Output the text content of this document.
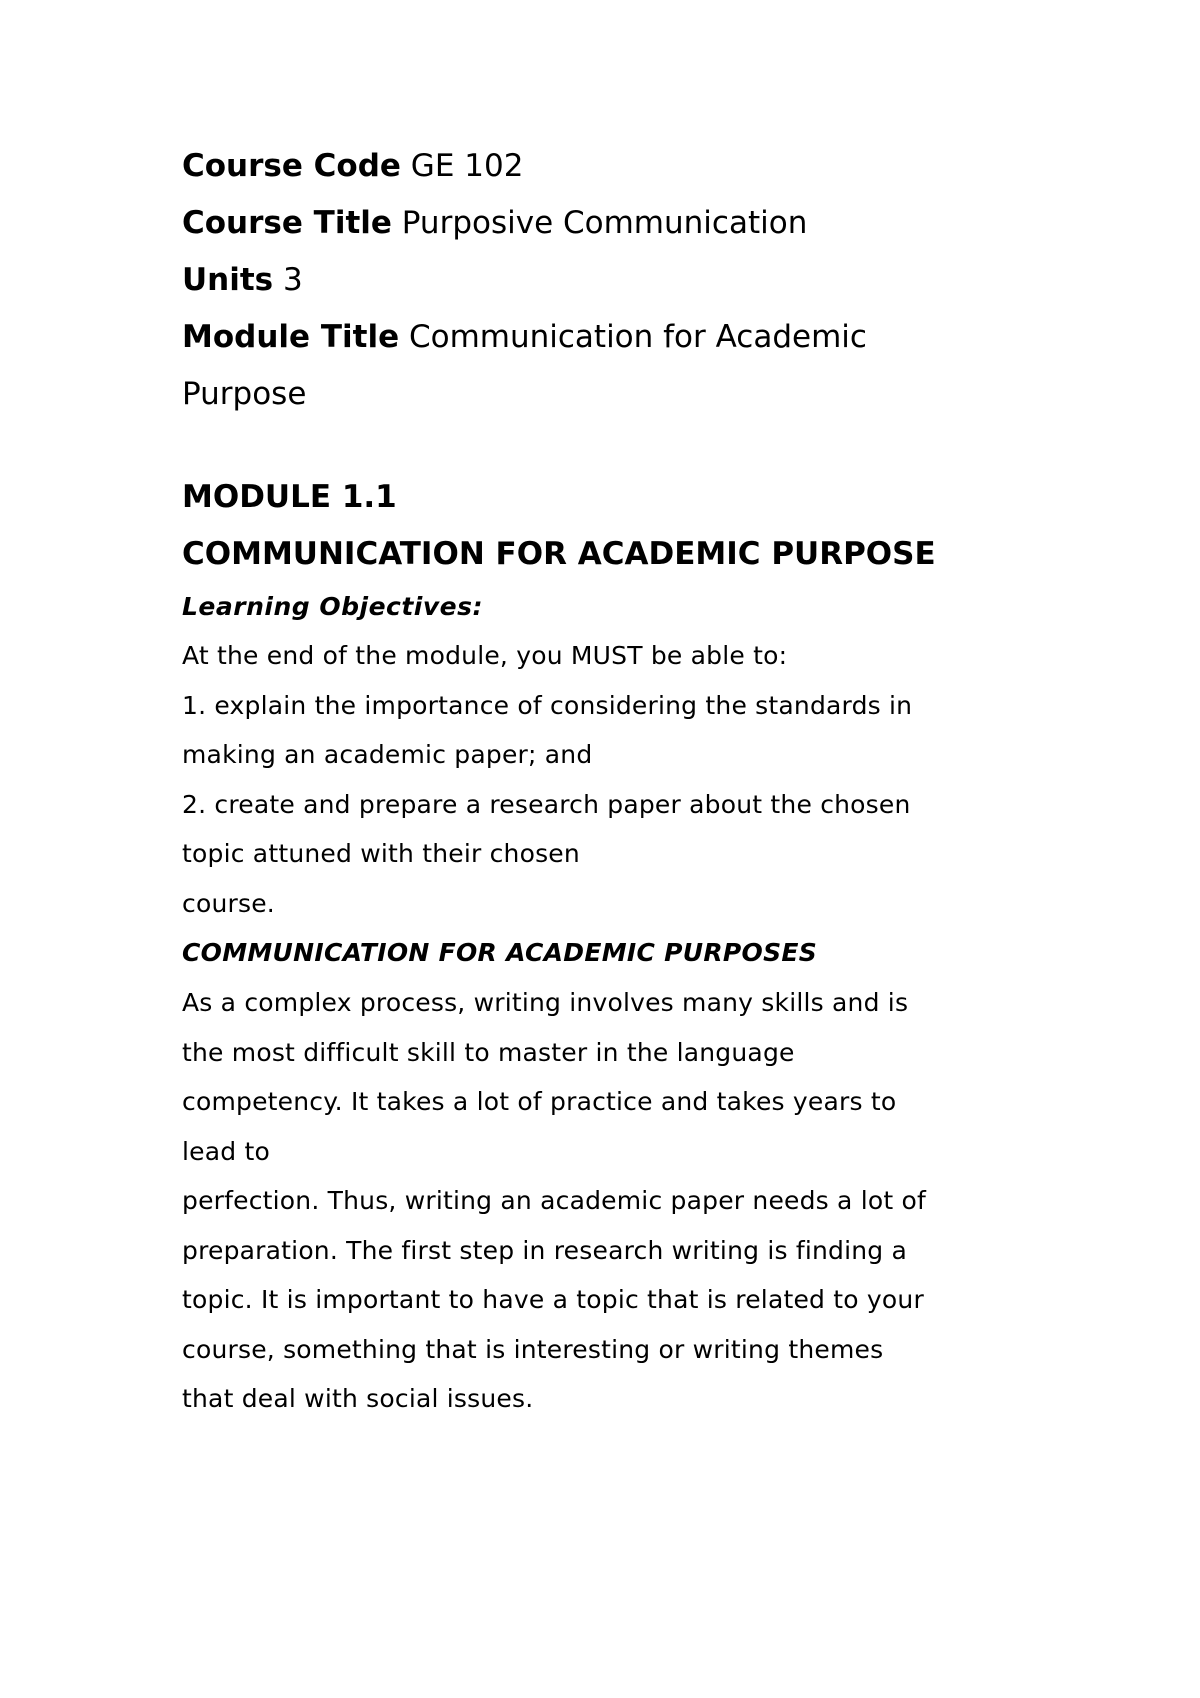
Course Code GE 102

Course Title Purposive Communication

Units 3

Module Title Communication for Academic Purpose

MODULE 1.1
COMMUNICATION FOR ACADEMIC PURPOSE
Learning Objectives:

At the end of the module, you MUST be able to:

1. explain the importance of considering the standards in

making an academic paper; and

2. create and prepare a research paper about the chosen

topic attuned with their chosen

course.

COMMUNICATION FOR ACADEMIC PURPOSES

As a complex process, writing involves many skills and is

the most difficult skill to master in the language

competency. It takes a lot of practice and takes years to

lead to

perfection. Thus, writing an academic paper needs a lot of

preparation. The first step in research writing is finding a

topic. It is important to have a topic that is related to your

course, something that is interesting or writing themes

that deal with social issues.
